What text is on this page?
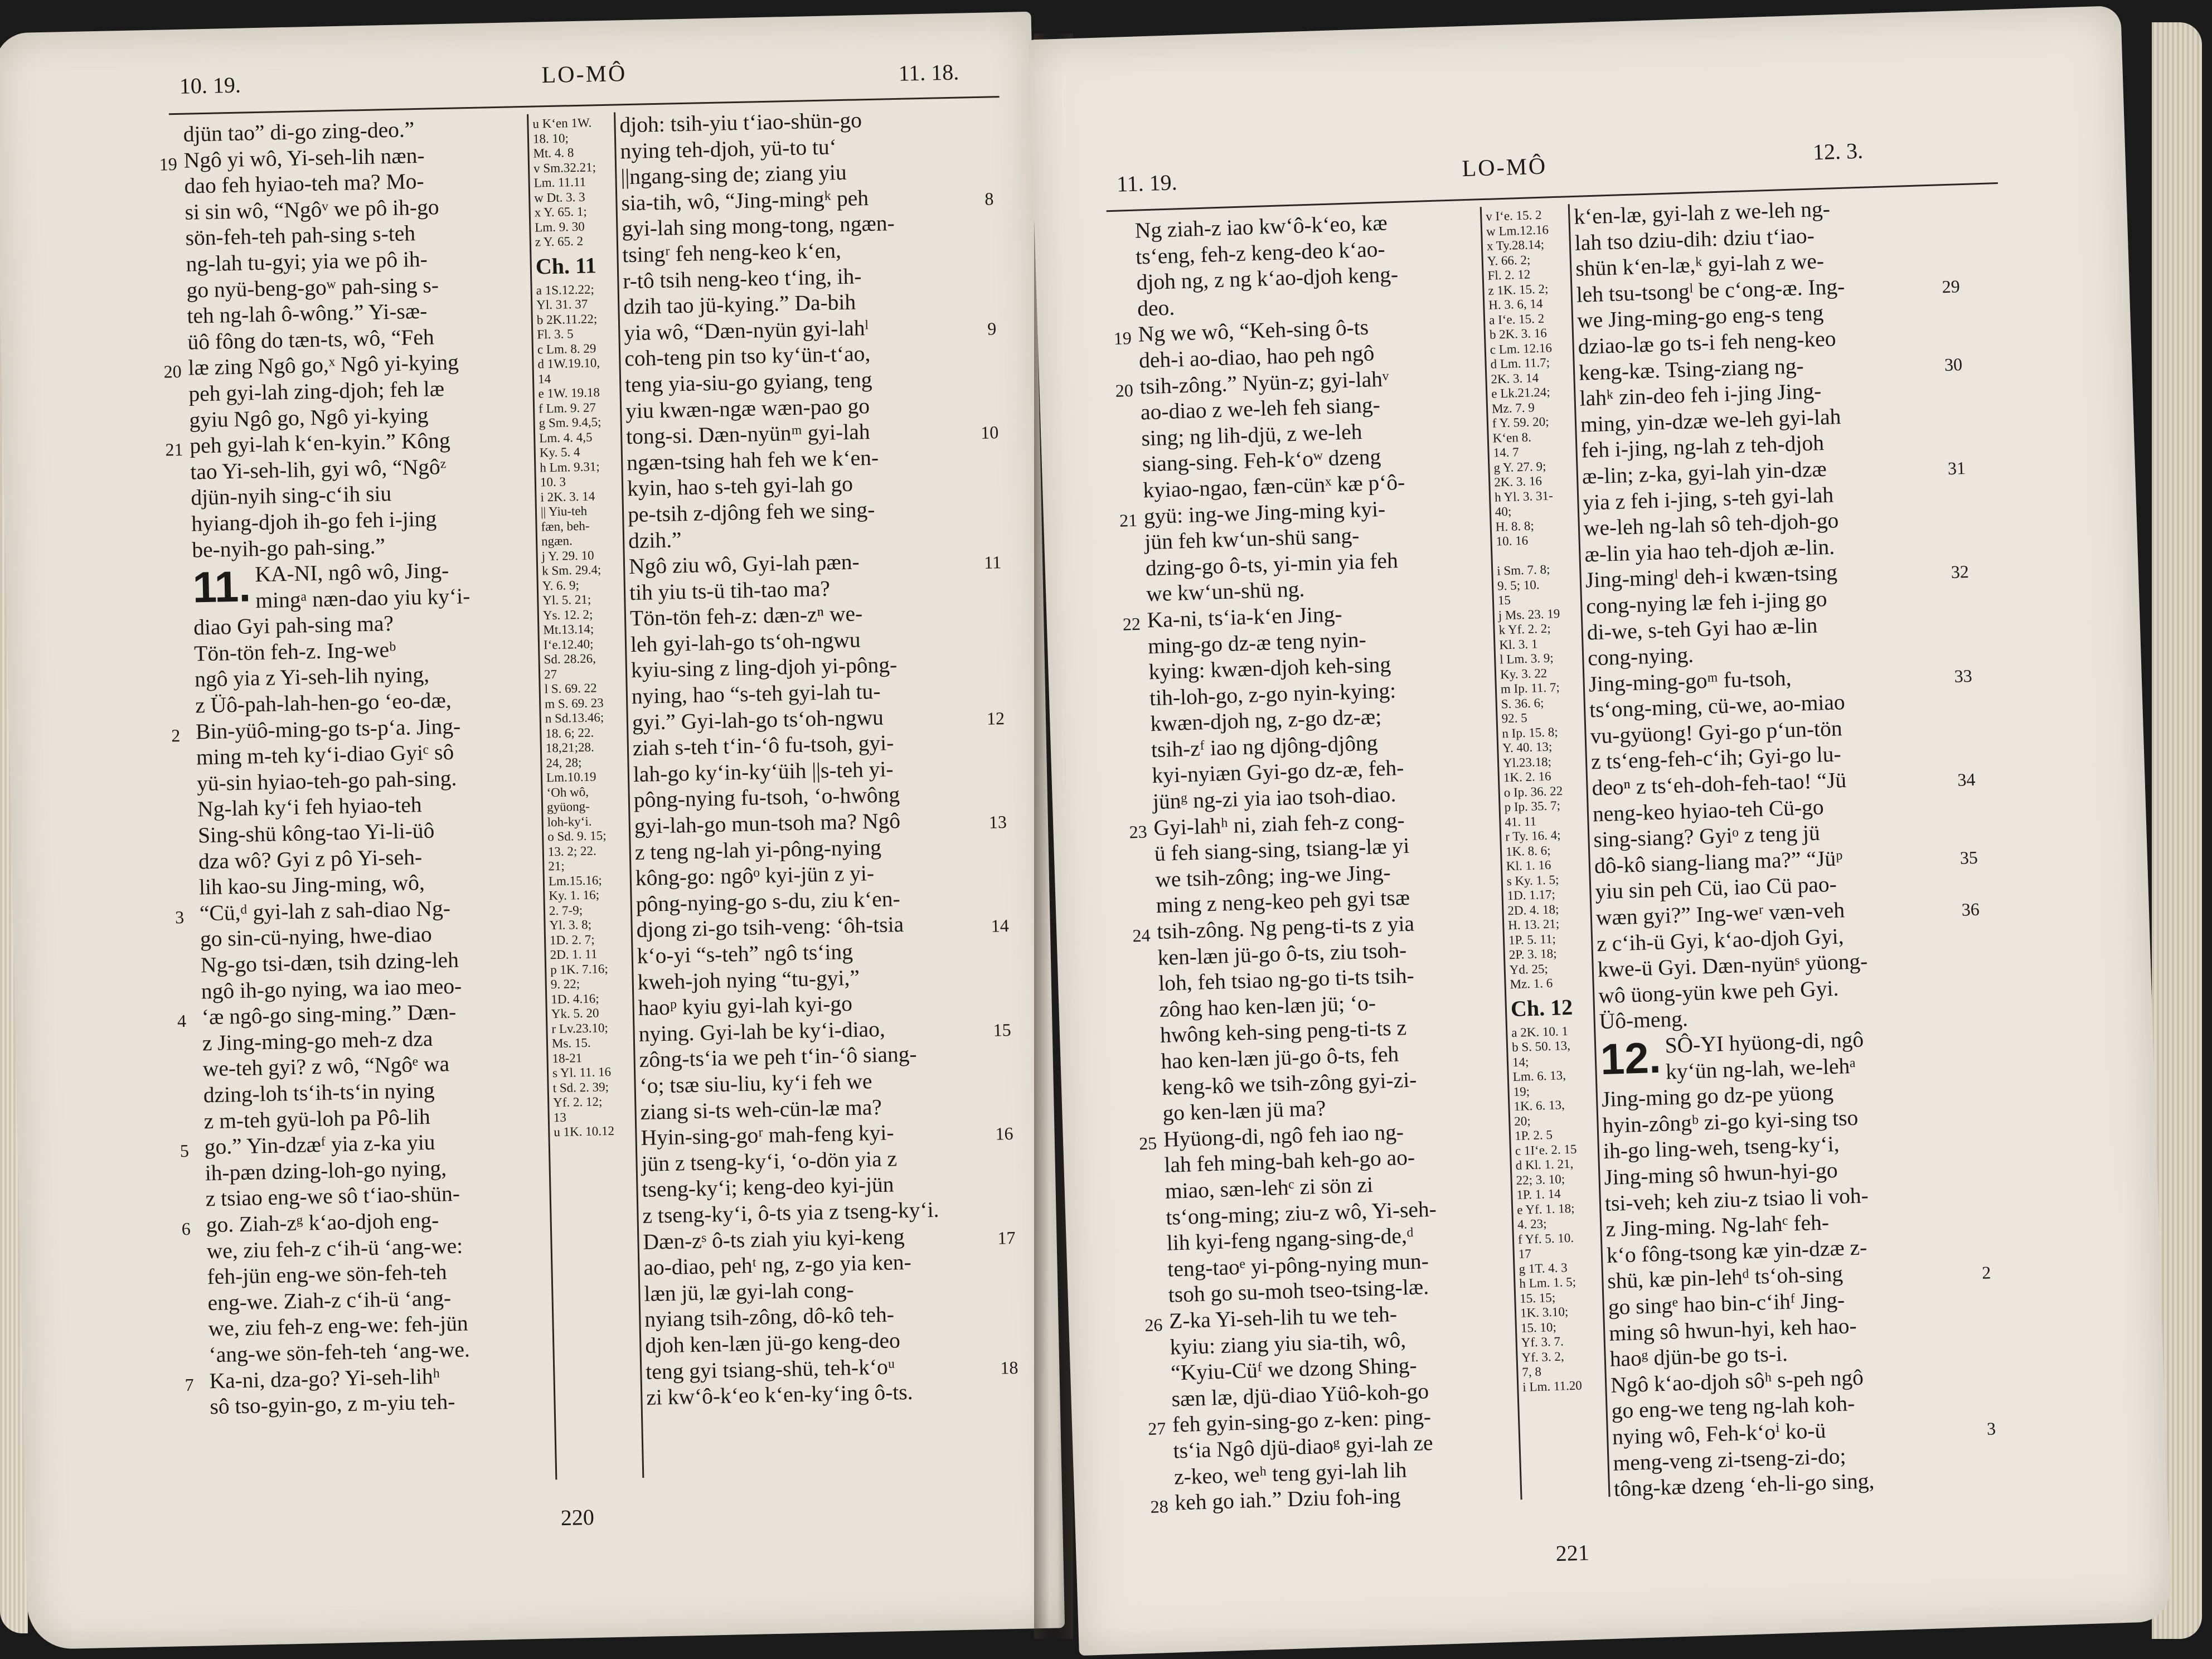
10. 19.	LO-MÔ	11. 18.
djün taoˮ di-go zing-deo.”
Ngô yi wô, Yi-seh-lih næn-
19
dao feh hyiao-teh ma? Mo-
si sin wô, “Ngôᵛ we pô ih-go
sön-feh-teh pah-sing s-teh
ng-lah tu-gyi; yia we pô ih-
go nyü-beng-goʷ pah-sing s-
teh ng-lah ô-wông.” Yi-sæ-
üô fông do tæn-ts, wô, “Feh
læ zing Ngô go,ˣ Ngô yi-kying
20
peh gyi-lah zing-djoh; feh læ
gyiu Ngô go, Ngô yi-kying
peh gyi-lah k‘en-kyin.” Kông
21
tao Yi-seh-lih, gyi wô, “Ngôᶻ
djün-nyih sing-c‘ih siu
hyiang-djoh ih-go feh i-jing
be-nyih-go pah-sing.”
11. KA-NI, ngô wô, Jing-
mingᵃ næn-dao yiu ky‘i-
diao Gyi pah-sing ma?
Tön-tön feh-z. Ing-weᵇ
ngô yia z Yi-seh-lih nying,
z Üô-pah-lah-hen-go ‘eo-dæ,
Bin-yüô-ming-go ts-p‘a. Jing-
2
ming m-teh ky‘i-diao Gyiᶜ sô
yü-sin hyiao-teh-go pah-sing.
Ng-lah ky‘i feh hyiao-teh
Sing-shü kông-tao Yi-li-üô
dza wô? Gyi z pô Yi-seh-
lih kao-su Jing-ming, wô,
“Cü,ᵈ gyi-lah z sah-diao Ng-
3
go sin-cü-nying, hwe-diao
Ng-go tsi-dæn, tsih dzing-leh
ngô ih-go nying, wa iao meo-
‘æ ngô-go sing-ming.” Dæn-
4
z Jing-ming-go meh-z dza
we-teh gyi? z wô, “Ngôᵉ wa
dzing-loh ts‘ih-ts‘in nying
z m-teh gyü-loh pa Pô-lih
go.” Yin-dzæᶠ yia z-ka yiu
5
ih-pæn dzing-loh-go nying,
z tsiao eng-we sô t‘iao-shün-
go. Ziah-zᵍ k‘ao-djoh eng-
6
we, ziu feh-z c‘ih-ü ‘ang-we:
feh-jün eng-we sön-feh-teh
eng-we. Ziah-z c‘ih-ü ‘ang-
we, ziu feh-z eng-we: feh-jün
‘ang-we sön-feh-teh ‘ang-we.
Ka-ni, dza-go? Yi-seh-lihʰ
7
sô tso-gyin-go, z m-yiu teh-
u K‘en 1W.
18. 10;
Mt. 4. 8
v Sm.32.21;
Lm. 11.11
w Dt. 3. 3
x Y. 65. 1;
Lm. 9. 30
z Y. 65. 2
Ch. 11
a 1S.12.22;
Yl. 31. 37
b 2K.11.22;
Fl. 3. 5
c Lm. 8. 29
d 1W.19.10,
14
e 1W. 19.18
f Lm. 9. 27
g Sm. 9.4,5;
Lm. 4. 4,5
Ky. 5. 4
h Lm. 9.31;
10. 3
i 2K. 3. 14
|| Yiu-teh
fæn, beh-
ngæn.
j Y. 29. 10
k Sm. 29.4;
Y. 6. 9;
Yl. 5. 21;
Ys. 12. 2;
Mt.13.14;
I‘e.12.40;
Sd. 28.26,
27
l S. 69. 22
m S. 69. 23
n Sd.13.46;
18. 6; 22.
18,21;28.
24, 28;
Lm.10.19
‘Oh wô,
gyüong-
loh-ky‘i.
o Sd. 9. 15;
13. 2; 22.
21;
Lm.15.16;
Ky. 1. 16;
2. 7-9;
Yl. 3. 8;
1D. 2. 7;
2D. 1. 11
p 1K. 7.16;
9. 22;
1D. 4.16;
Yk. 5. 20
r Lv.23.10;
Ms. 15.
18-21
s Yl. 11. 16
t Sd. 2. 39;
Yf. 2. 12;
13
u 1K. 10.12
djoh: tsih-yiu t‘iao-shün-go
nying teh-djoh, yü-to tu‘
||ngang-sing de; ziang yiu
sia-tih, wô, “Jing-mingᵏ peh	8
gyi-lah sing mong-tong, ngæn-
tsingʳ feh neng-keo k‘en,
r-tô tsih neng-keo t‘ing, ih-
dzih tao jü-kying.” Da-bih
yia wô, “Dæn-nyün gyi-lahˡ	9
coh-teng pin tso ky‘ün-t‘ao,
teng yia-siu-go gyiang, teng
yiu kwæn-ngæ wæn-pao go
tong-si. Dæn-nyünᵐ gyi-lah	10
ngæn-tsing hah feh we k‘en-
kyin, hao s-teh gyi-lah go
pe-tsih z-djông feh we sing-
dzih.”
Ngô ziu wô, Gyi-lah pæn-	11
tih yiu ts-ü tih-tao ma?
Tön-tön feh-z: dæn-zⁿ we-
leh gyi-lah-go ts‘oh-ngwu
kyiu-sing z ling-djoh yi-pông-
nying, hao “s-teh gyi-lah tu-
gyi.” Gyi-lah-go ts‘oh-ngwu	12
ziah s-teh t‘in-‘ô fu-tsoh, gyi-
lah-go ky‘in-ky‘üih ||s-teh yi-
pông-nying fu-tsoh, ‘o-hwông
gyi-lah-go mun-tsoh ma? Ngô	13
z teng ng-lah yi-pông-nying
kông-go: ngôᵒ kyi-jün z yi-
pông-nying-go s-du, ziu k‘en-
djong zi-go tsih-veng: ‘ôh-tsia	14
k‘o-yi “s-teh” ngô ts‘ing
kweh-joh nying “tu-gyi,”
haoᵖ kyiu gyi-lah kyi-go
nying. Gyi-lah be ky‘i-diao,	15
zông-ts‘ia we peh t‘in-‘ô siang-
‘o; tsæ siu-liu, ky‘i feh we
ziang si-ts weh-cün-læ ma?
Hyin-sing-goʳ mah-feng kyi-	16
jün z tseng-ky‘i, ‘o-dön yia z
tseng-ky‘i; keng-deo kyi-jün
z tseng-ky‘i, ô-ts yia z tseng-ky‘i.
Dæn-zˢ ô-ts ziah yiu kyi-keng	17
ao-diao, pehᵗ ng, z-go yia ken-
læn jü, læ gyi-lah cong-
nyiang tsih-zông, dô-kô teh-
djoh ken-læn jü-go keng-deo
teng gyi tsiang-shü, teh-k‘oᵘ	18
zi kw‘ô-k‘eo k‘en-ky‘ing ô-ts.
220
11. 19.
LO-MÔ
12. 3.
Ng ziah-z iao kw‘ô-k‘eo, kæ
ts‘eng, feh-z keng-deo k‘ao-
djoh ng, z ng k‘ao-djoh keng-
deo.
Ng we wô, “Keh-sing ô-ts
19
deh-i ao-diao, hao peh ngô
tsih-zông.” Nyün-z; gyi-lahᵛ
20
ao-diao z we-leh feh siang-
sing; ng lih-djü, z we-leh
siang-sing. Feh-k‘oʷ dzeng
kyiao-ngao, fæn-cünˣ kæ p‘ô-
gyü: ing-we Jing-ming kyi-
21
jün feh kw‘un-shü sang-
dzing-go ô-ts, yi-min yia feh
we kw‘un-shü ng.
Ka-ni, ts‘ia-k‘en Jing-
22
ming-go dz-æ teng nyin-
kying: kwæn-djoh keh-sing
tih-loh-go, z-go nyin-kying:
kwæn-djoh ng, z-go dz-æ;
tsih-zᶠ iao ng djông-djông
kyi-nyiæn Gyi-go dz-æ, feh-
jünᵍ ng-zi yia iao tsoh-diao.
Gyi-lahʰ ni, ziah feh-z cong-
23
ü feh siang-sing, tsiang-læ yi
we tsih-zông; ing-we Jing-
ming z neng-keo peh gyi tsæ
tsih-zông. Ng peng-ti-ts z yia
24
ken-læn jü-go ô-ts, ziu tsoh-
loh, feh tsiao ng-go ti-ts tsih-
zông hao ken-læn jü; ‘o-
hwông keh-sing peng-ti-ts z
hao ken-læn jü-go ô-ts, feh
keng-kô we tsih-zông gyi-zi-
go ken-læn jü ma?
Hyüong-di, ngô feh iao ng-
25
lah feh ming-bah keh-go ao-
miao, sæn-lehᶜ zi sön zi
ts‘ong-ming; ziu-z wô, Yi-seh-
lih kyi-feng ngang-sing-de,ᵈ
teng-taoᵉ yi-pông-nying mun-
tsoh go su-moh tseo-tsing-læ.
Z-ka Yi-seh-lih tu we teh-
26
kyiu: ziang yiu sia-tih, wô,
“Kyiu-Cüᶠ we dzong Shing-
sæn læ, djü-diao Yüô-koh-go
feh gyin-sing-go z-ken: ping-
27
ts‘ia Ngô djü-diaoᵍ gyi-lah ze
z-keo, weʰ teng gyi-lah lih
keh go iah.” Dziu foh-ing
28
v I‘e. 15. 2
w Lm.12.16
x Ty.28.14;
Y. 66. 2;
Fl. 2. 12
z 1K. 15. 2;
H. 3. 6, 14
a I‘e. 15. 2
b 2K. 3. 16
c Lm. 12.16
d Lm. 11.7;
2K. 3. 14
e Lk.21.24;
Mz. 7. 9
f Y. 59. 20;
K‘en 8.
14. 7
g Y. 27. 9;
2K. 3. 16
h Yl. 3. 31-
40;
H. 8. 8;
10. 16

i Sm. 7. 8;
9. 5; 10.
15
j Ms. 23. 19
k Yf. 2. 2;
Kl. 3. 1
l Lm. 3. 9;
Ky. 3. 22
m Ip. 11. 7;
S. 36. 6;
92. 5
n Ip. 15. 8;
Y. 40. 13;
Yl.23.18;
1K. 2. 16
o Ip. 36. 22
p Ip. 35. 7;
41. 11
r Ty. 16. 4;
1K. 8. 6;
Kl. 1. 16
s Ky. 1. 5;
1D. 1.17;
2D. 4. 18;
H. 13. 21;
1P. 5. 11;
2P. 3. 18;
Yd. 25;
Mz. 1. 6
Ch. 12
a 2K. 10. 1
b S. 50. 13,
14;
Lm. 6. 13,
19;
1K. 6. 13,
20;
1P. 2. 5
c 1I‘e. 2. 15
d Kl. 1. 21,
22; 3. 10;
1P. 1. 14
e Yf. 1. 18;
4. 23;
f Yf. 5. 10.
17
g 1T. 4. 3
h Lm. 1. 5;
15. 15;
1K. 3.10;
15. 10;
Yf. 3. 7.
Yf. 3. 2,
7, 8
i Lm. 11.20
k‘en-læ, gyi-lah z we-leh ng-
lah tso dziu-dih: dziu t‘iao-
shün k‘en-læ,ᵏ gyi-lah z we-
leh tsu-tsongˡ be c‘ong-æ. Ing-	29
we Jing-ming-go eng-s teng
dziao-læ go ts-i feh neng-keo
keng-kæ. Tsing-ziang ng-	30
lahᵏ zin-deo feh i-jing Jing-
ming, yin-dzæ we-leh gyi-lah
feh i-jing, ng-lah z teh-djoh
æ-lin; z-ka, gyi-lah yin-dzæ	31
yia z feh i-jing, s-teh gyi-lah
we-leh ng-lah sô teh-djoh-go
æ-lin yia hao teh-djoh æ-lin.
Jing-mingˡ deh-i kwæn-tsing	32
cong-nying læ feh i-jing go
di-we, s-teh Gyi hao æ-lin
cong-nying.
Jing-ming-goᵐ fu-tsoh,	33
ts‘ong-ming, cü-we, ao-miao
vu-gyüong! Gyi-go p‘un-tön
z ts‘eng-feh-c‘ih; Gyi-go lu-
deoⁿ z ts‘eh-doh-feh-tao! “Jü	34
neng-keo hyiao-teh Cü-go
sing-siang? Gyiᵒ z teng jü
dô-kô siang-liang ma?” “Jüᵖ	35
yiu sin peh Cü, iao Cü pao-
wæn gyi?” Ing-weʳ væn-veh	36
z c‘ih-ü Gyi, k‘ao-djoh Gyi,
kwe-ü Gyi. Dæn-nyünˢ yüong-
wô üong-yün kwe peh Gyi.
Üô-meng.
12. SÔ-YI hyüong-di, ngô
ky‘ün ng-lah, we-lehᵃ
Jing-ming go dz-pe yüong
hyin-zôngᵇ zi-go kyi-sing tso
ih-go ling-weh, tseng-ky‘i,
Jing-ming sô hwun-hyi-go
tsi-veh; keh ziu-z tsiao li voh-
z Jing-ming. Ng-lahᶜ feh-
k‘o fông-tsong kæ yin-dzæ z-
shü, kæ pin-lehᵈ ts‘oh-sing	2
go singᵉ hao bin-c‘ihᶠ Jing-
ming sô hwun-hyi, keh hao-
haoᵍ djün-be go ts-i.
Ngô k‘ao-djoh sôʰ s-peh ngô
go eng-we teng ng-lah koh-
nying wô, Feh-k‘oⁱ ko-ü	3
meng-veng zi-tseng-zi-do;
tông-kæ dzeng ‘eh-li-go sing,
221
